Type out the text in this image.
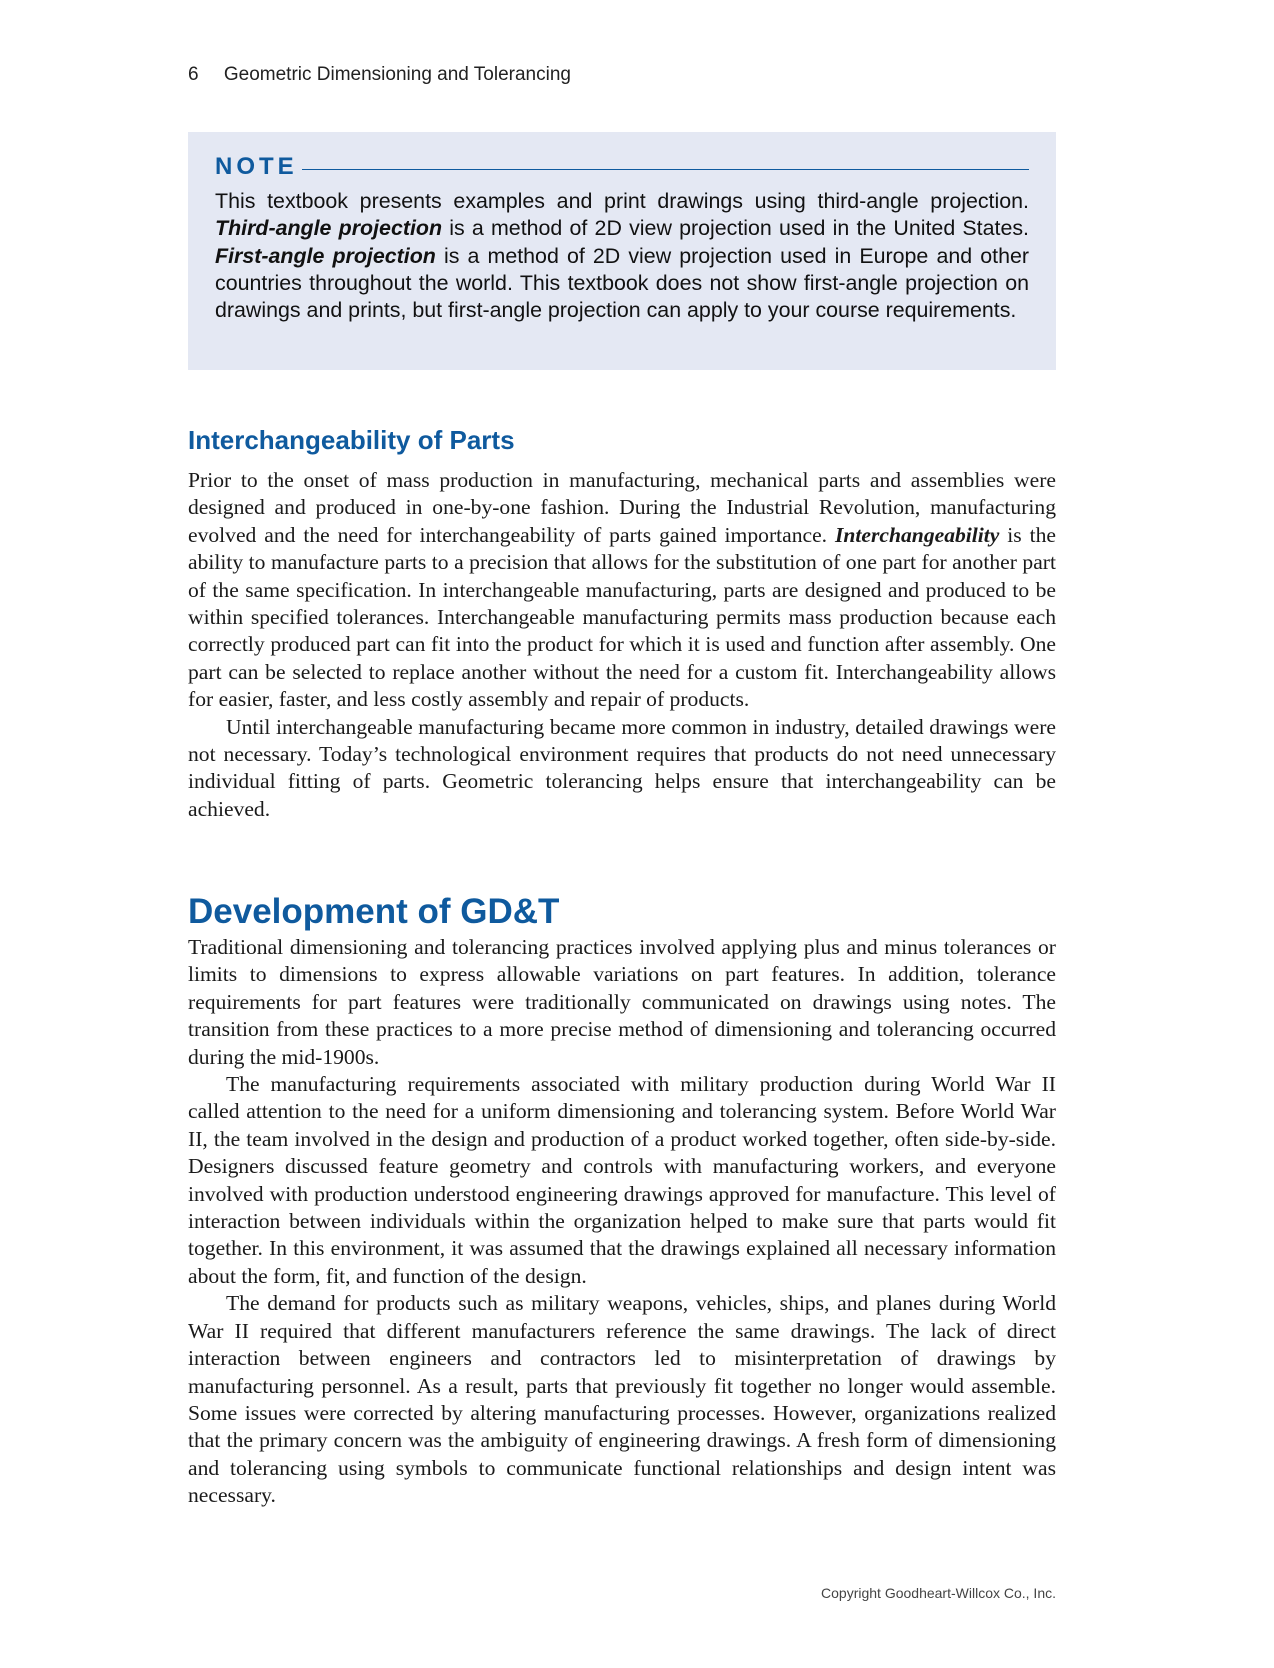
6 Geometric Dimensioning and Tolerancing
NOTE
This textbook presents examples and print drawings using third-angle projection. Third-angle projection is a method of 2D view projection used in the United States. First-angle projection is a method of 2D view projection used in Europe and other countries throughout the world. This textbook does not show first-angle projection on drawings and prints, but first-angle projection can apply to your course requirements.
Interchangeability of Parts

Prior to the onset of mass production in manufacturing, mechanical parts and assemblies were designed and produced in one-by-one fashion. During the Industrial Revolution, manufacturing evolved and the need for interchangeability of parts gained importance. Interchangeability is the ability to manufacture parts to a precision that allows for the substitution of one part for another part of the same specification. In interchangeable manufacturing, parts are designed and produced to be within specified tolerances. Interchangeable manufacturing permits mass production because each correctly produced part can fit into the product for which it is used and function after assembly. One part can be selected to replace another without the need for a custom fit. Interchangeability allows for easier, faster, and less costly assembly and repair of products.

Until interchangeable manufacturing became more common in industry, detailed drawings were not necessary. Today’s technological environment requires that products do not need unnecessary individual fitting of parts. Geometric tolerancing helps ensure that interchangeability can be achieved.

Development of GD&T

Traditional dimensioning and tolerancing practices involved applying plus and minus tolerances or limits to dimensions to express allowable variations on part features. In addition, tolerance requirements for part features were traditionally communicated on drawings using notes. The transition from these practices to a more precise method of dimensioning and tolerancing occurred during the mid-1900s.

The manufacturing requirements associated with military production during World War II called attention to the need for a uniform dimensioning and tolerancing system. Before World War II, the team involved in the design and production of a product worked together, often side-by-side. Designers discussed feature geometry and controls with manufacturing workers, and everyone involved with production understood engineering drawings approved for manufacture. This level of interaction between individuals within the organization helped to make sure that parts would fit together. In this environment, it was assumed that the drawings explained all necessary information about the form, fit, and function of the design.

The demand for products such as military weapons, vehicles, ships, and planes during World War II required that different manufacturers reference the same drawings. The lack of direct interaction between engineers and contractors led to misinterpretation of drawings by manufacturing personnel. As a result, parts that previously fit together no longer would assemble. Some issues were corrected by altering manufacturing processes. However, organizations realized that the primary concern was the ambiguity of engineering drawings. A fresh form of dimensioning and tolerancing using symbols to communicate functional relationships and design intent was necessary.

Copyright Goodheart-Willcox Co., Inc.
